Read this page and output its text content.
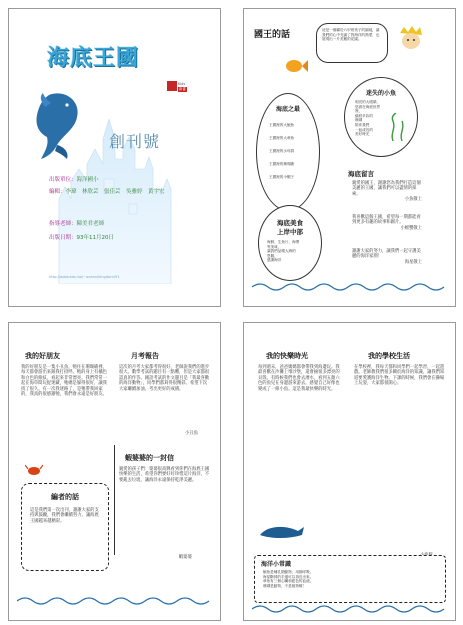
海底王國
Kids
新書
創刊號
出版單位：海洋國小
編輯：李瑋　林欣芸　張佳芸　吳雅婷　黃宇宏
指導老師：陳美君老師
出版日期：93年11月20日
http://www.edu.tw/~ocean/kingdom/91
國王的話	這是一個屬於六甲班孩子的園地，讓我們的心中充滿了對海洋的熱愛，也展現出一片美麗的花園。
海底之最
王國裡的大鯨魚
王國裡的大章魚
王國裡的水母群
王國裡的珊瑚礁
王國裡的小蝦子
迷失的小魚
明亮的大眼睛，
悠游在海底世界
裡，
繽紛多彩的
珊瑚
陪伴我們
一起成長的
美好時光
海底留言
親愛的國王，謝謝您為我們打造這個美麗的王國，讓我們可以盡情的探索。
小魚敬上
我喜歡這個王國，希望每一期都能看到更多有趣的故事和圖片。
小螃蟹敬上
謝謝大家的努力，讓我們一起守護美麗的海洋家園！
海星敬上
海底美食
上岸中部
海鮮、生魚片、海帶
等美味，
讓我們品嚐大海的
恩賜，
感謝海洋
我的好朋友
我的好朋友是一隻小丑魚，牠住在珊瑚礁裡，每天都會游出來跟我打招呼。牠的身上有橘色和白色的條紋，看起來非常漂亮。我們常常一起在海草間玩捉迷藏，牠總是躲得很好，讓我找了很久。有一次我迷路了，是牠帶我回家的，我真的很感謝牠，我們會永遠是好朋友。
月考報告
這次的月考大家都考得很好，老師說我們的進步很大。數學考試的題目有一點難，但是大家都很認真的作答。國語考試的作文題目是「我最喜歡的海洋動物」，同學們都寫得很精彩。希望下次大家繼續加油，考出更好的成績。
小丑魚
蝦婆婆的一封信
親愛的孩子們：婆婆很高興看到你們在海底王國快樂的生活，希望你們要好好珍惜這片海洋，不要亂丟垃圾，讓海洋永遠保持乾淨美麗。
蝦婆婆
編者的話
這是我們第一次出刊，謝謝大家的支持與鼓勵，我們會繼續努力，讓海底王國越來越精彩。
我的快樂時光
每到週末，爸爸媽媽都會帶我到海邊玩。我最喜歡在沙灘上堆沙堡，還會撿很多漂亮的貝殼。有時候我們也會去潛水，看到五顏六色的魚兒在身邊游來游去，感覺自己好像也變成了一條小魚。這是我最快樂的時光。
我的學校生活
在學校裡，我每天都和同學們一起學習、一起遊戲。老師教我們很多關於海洋的知識，讓我們知道要愛護海洋生物。下課的時候，我們會在操場上玩耍，大家都很開心。
海洋小常識
鯨魚是哺乳類動物，用肺呼吸。
海星斷掉的手還可以再長出來。
章魚有三個心臟和藍色的血液。
珊瑚是動物，不是植物喔！
